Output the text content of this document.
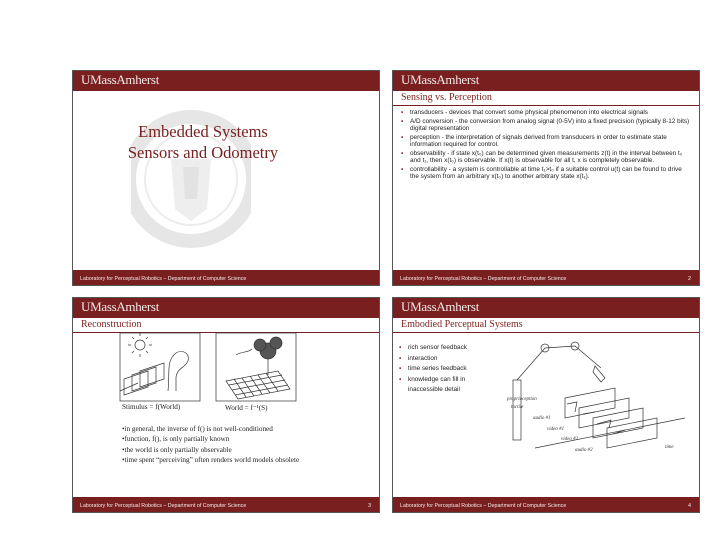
UMassAmherst
Embedded Systems
Sensors and Odometry
Laboratory for Perceptual Robotics – Department of Computer Science
UMassAmherst
Sensing vs. Perception
▪ transducers - devices that convert some physical phenomenon into electrical signals
▪ A/D conversion - the conversion from analog signal (0-5V) into a fixed precision (typically 8-12 bits) digital representation
▪ perception - the interpretation of signals derived from transducers in order to estimate state information required for control.
▪ observability - if state x(t₀) can be determined given measurements z(t) in the interval between t₀ and t₁, then x(t₀) is observable. If x(t) is observable for all t, x is completely observable.
▪ controllability - a system is controllable at time t₁>t₀ if a suitable control u(t) can be found to drive the system from an arbitrary x(t₀) to another arbitrary state x(t₁).
Laboratory for Perceptual Robotics – Department of Computer Science	2
UMassAmherst
Reconstruction
Stimulus = f(World)	World = f⁻¹(S)
• in general, the inverse of f() is not well-conditioned
• function, f(), is only partially known
• the world is only partially observable
• time spent “perceiving” often renders world models obsolete
Laboratory for Perceptual Robotics – Department of Computer Science	3
UMassAmherst
Embodied Perceptual Systems
▪ rich sensor feedback
▪ interaction
▪ time series feedback
▪ knowledge can fill in
inaccessible detail
proprioception
tactile
audio #1
video #1
video #2
audio #2
time
Laboratory for Perceptual Robotics – Department of Computer Science	4
